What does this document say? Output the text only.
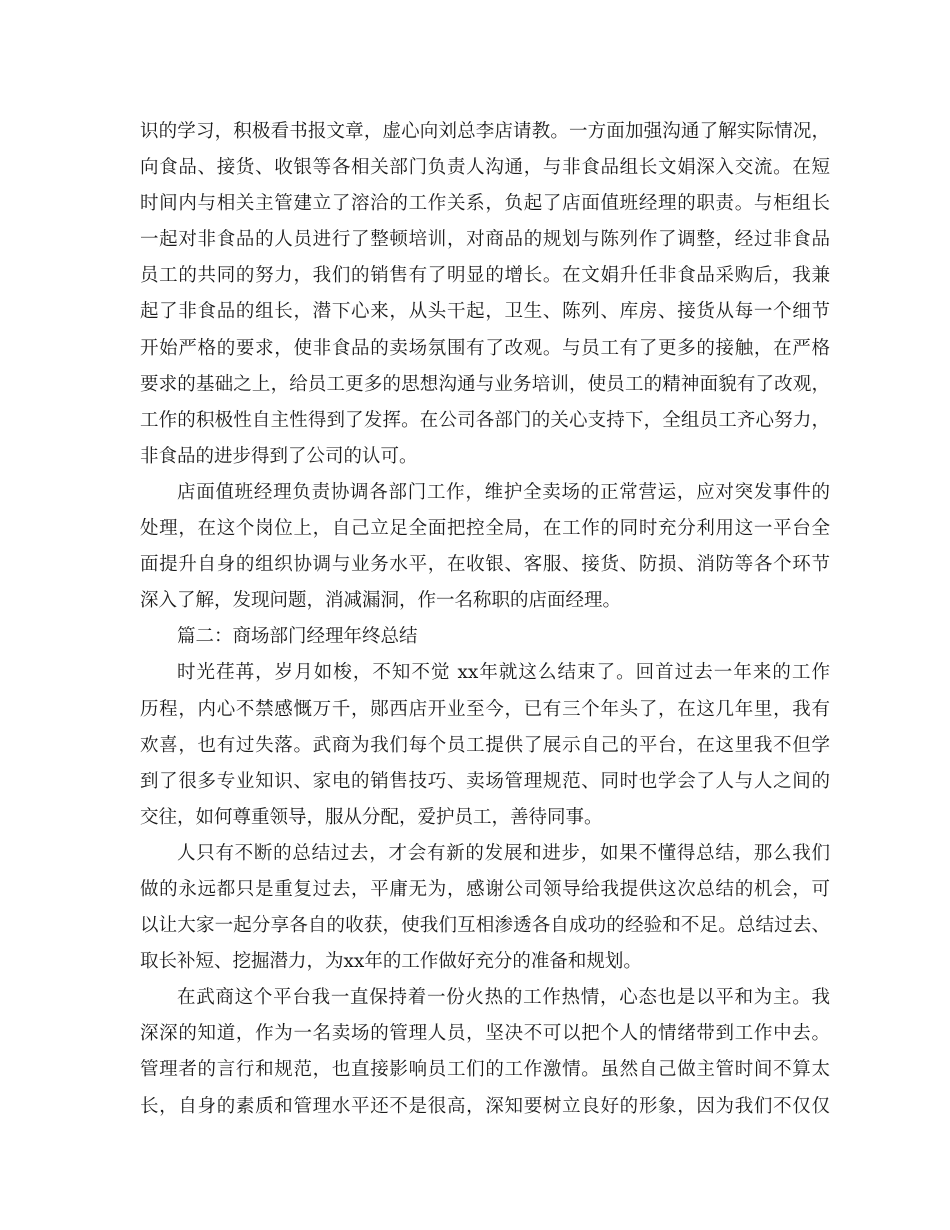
识的学习，积极看书报文章，虚心向刘总李店请教。一方面加强沟通了解实际情况，
向食品、接货、收银等各相关部门负责人沟通，与非食品组长文娟深入交流。在短
时间内与相关主管建立了溶洽的工作关系，负起了店面值班经理的职责。与柜组长
一起对非食品的人员进行了整顿培训，对商品的规划与陈列作了调整，经过非食品
员工的共同的努力，我们的销售有了明显的增长。在文娟升任非食品采购后，我兼
起了非食品的组长，潜下心来，从头干起，卫生、陈列、库房、接货从每一个细节
开始严格的要求，使非食品的卖场氛围有了改观。与员工有了更多的接触，在严格
要求的基础之上，给员工更多的思想沟通与业务培训，使员工的精神面貌有了改观，
工作的积极性自主性得到了发挥。在公司各部门的关心支持下，全组员工齐心努力，
非食品的进步得到了公司的认可。
店面值班经理负责协调各部门工作，维护全卖场的正常营运，应对突发事件的
处理，在这个岗位上，自己立足全面把控全局，在工作的同时充分利用这一平台全
面提升自身的组织协调与业务水平，在收银、客服、接货、防损、消防等各个环节
深入了解，发现问题，消减漏洞，作一名称职的店面经理。
篇二：商场部门经理年终总结
时光荏苒，岁月如梭，不知不觉 xx年就这么结束了。回首过去一年来的工作
历程，内心不禁感慨万千，郧西店开业至今，已有三个年头了，在这几年里，我有
欢喜，也有过失落。武商为我们每个员工提供了展示自己的平台，在这里我不但学
到了很多专业知识、家电的销售技巧、卖场管理规范、同时也学会了人与人之间的
交往，如何尊重领导，服从分配，爱护员工，善待同事。
人只有不断的总结过去，才会有新的发展和进步，如果不懂得总结，那么我们
做的永远都只是重复过去，平庸无为，感谢公司领导给我提供这次总结的机会，可
以让大家一起分享各自的收获，使我们互相渗透各自成功的经验和不足。总结过去、
取长补短、挖掘潜力，为xx年的工作做好充分的准备和规划。
在武商这个平台我一直保持着一份火热的工作热情，心态也是以平和为主。我
深深的知道，作为一名卖场的管理人员，坚决不可以把个人的情绪带到工作中去。
管理者的言行和规范，也直接影响员工们的工作激情。虽然自己做主管时间不算太
长，自身的素质和管理水平还不是很高，深知要树立良好的形象，因为我们不仅仅
